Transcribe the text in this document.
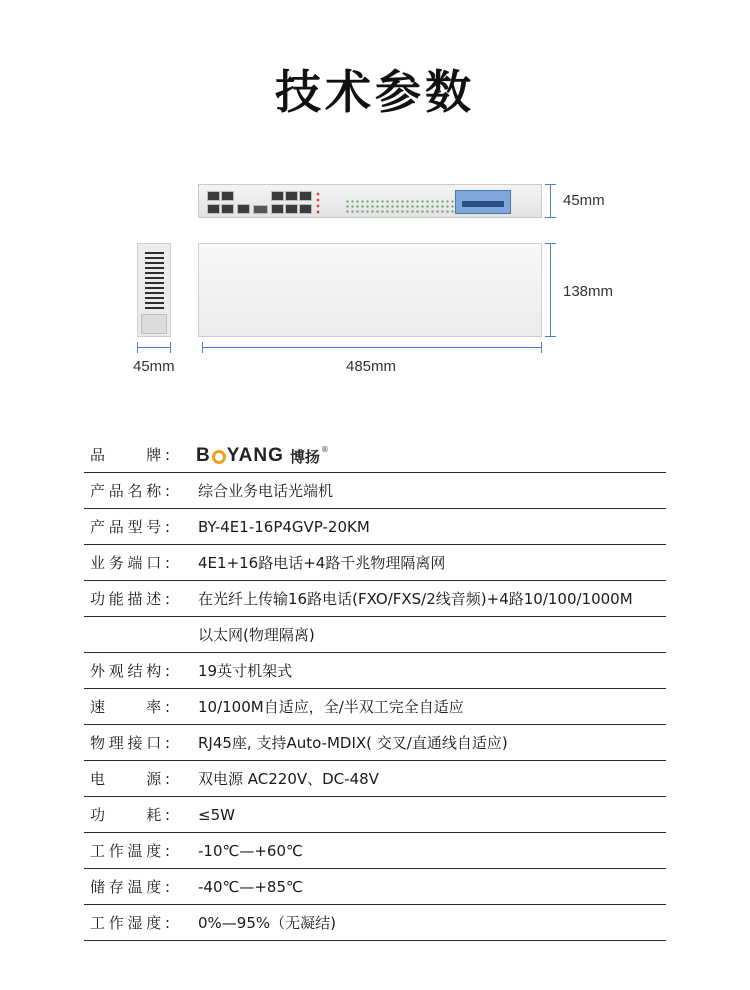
技术参数
45mm
138mm
45mm	485mm
品　　牌: B YANG 博扬 ®
产品名称: 综合业务电话光端机
产品型号: BY-4E1-16P4GVP-20KM
业务端口: 4E1+16路电话+4路千兆物理隔离网
功能描述: 在光纤上传输16路电话(FXO/FXS/2线音频)+4路10/100/1000M
以太网(物理隔离)
外观结构: 19英寸机架式
速　　率: 10/100M自适应，全/半双工完全自适应
物理接口: RJ45座, 支持Auto-MDIX( 交叉/直通线自适应)
电　　源: 双电源 AC220V、DC-48V
功　　耗: ≤5W
工作温度: -10℃—+60℃
储存温度: -40℃—+85℃
工作湿度: 0%—95%（无凝结)
